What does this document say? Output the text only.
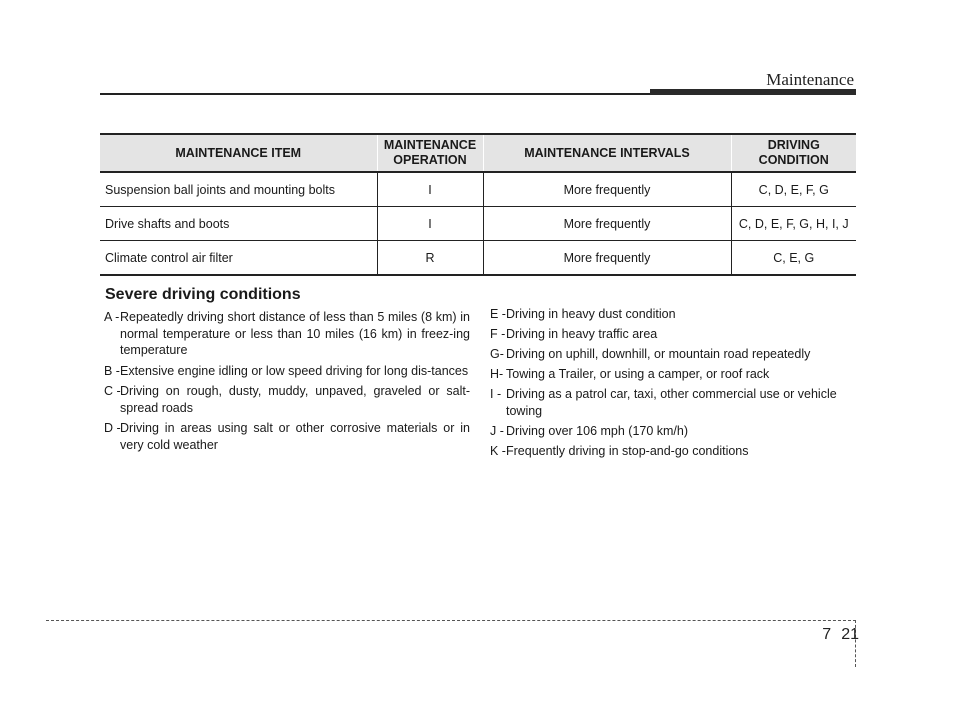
Maintenance
MAINTENANCE ITEM	MAINTENANCE OPERATION	MAINTENANCE INTERVALS	DRIVING CONDITION
Suspension ball joints and mounting bolts	I	More frequently	C, D, E, F, G
Drive shafts and boots	I	More frequently	C, D, E, F, G, H, I, J
Climate control air filter	R	More frequently	C, E, G
Severe driving conditions
A - Repeatedly driving short distance of less than 5 miles (8 km) in normal temperature or less than 10 miles (16 km) in freez-ing temperature
B - Extensive engine idling or low speed driving for long dis-tances
C - Driving on rough, dusty, muddy, unpaved, graveled or salt-spread roads
D - Driving in areas using salt or other corrosive materials or in very cold weather
E - Driving in heavy dust condition
F - Driving in heavy traffic area
G- Driving on uphill, downhill, or mountain road repeatedly
H- Towing a Trailer, or using a camper, or roof rack
I - Driving as a patrol car, taxi, other commercial use or vehicle towing
J - Driving over 106 mph (170 km/h)
K - Frequently driving in stop-and-go conditions
7 21
